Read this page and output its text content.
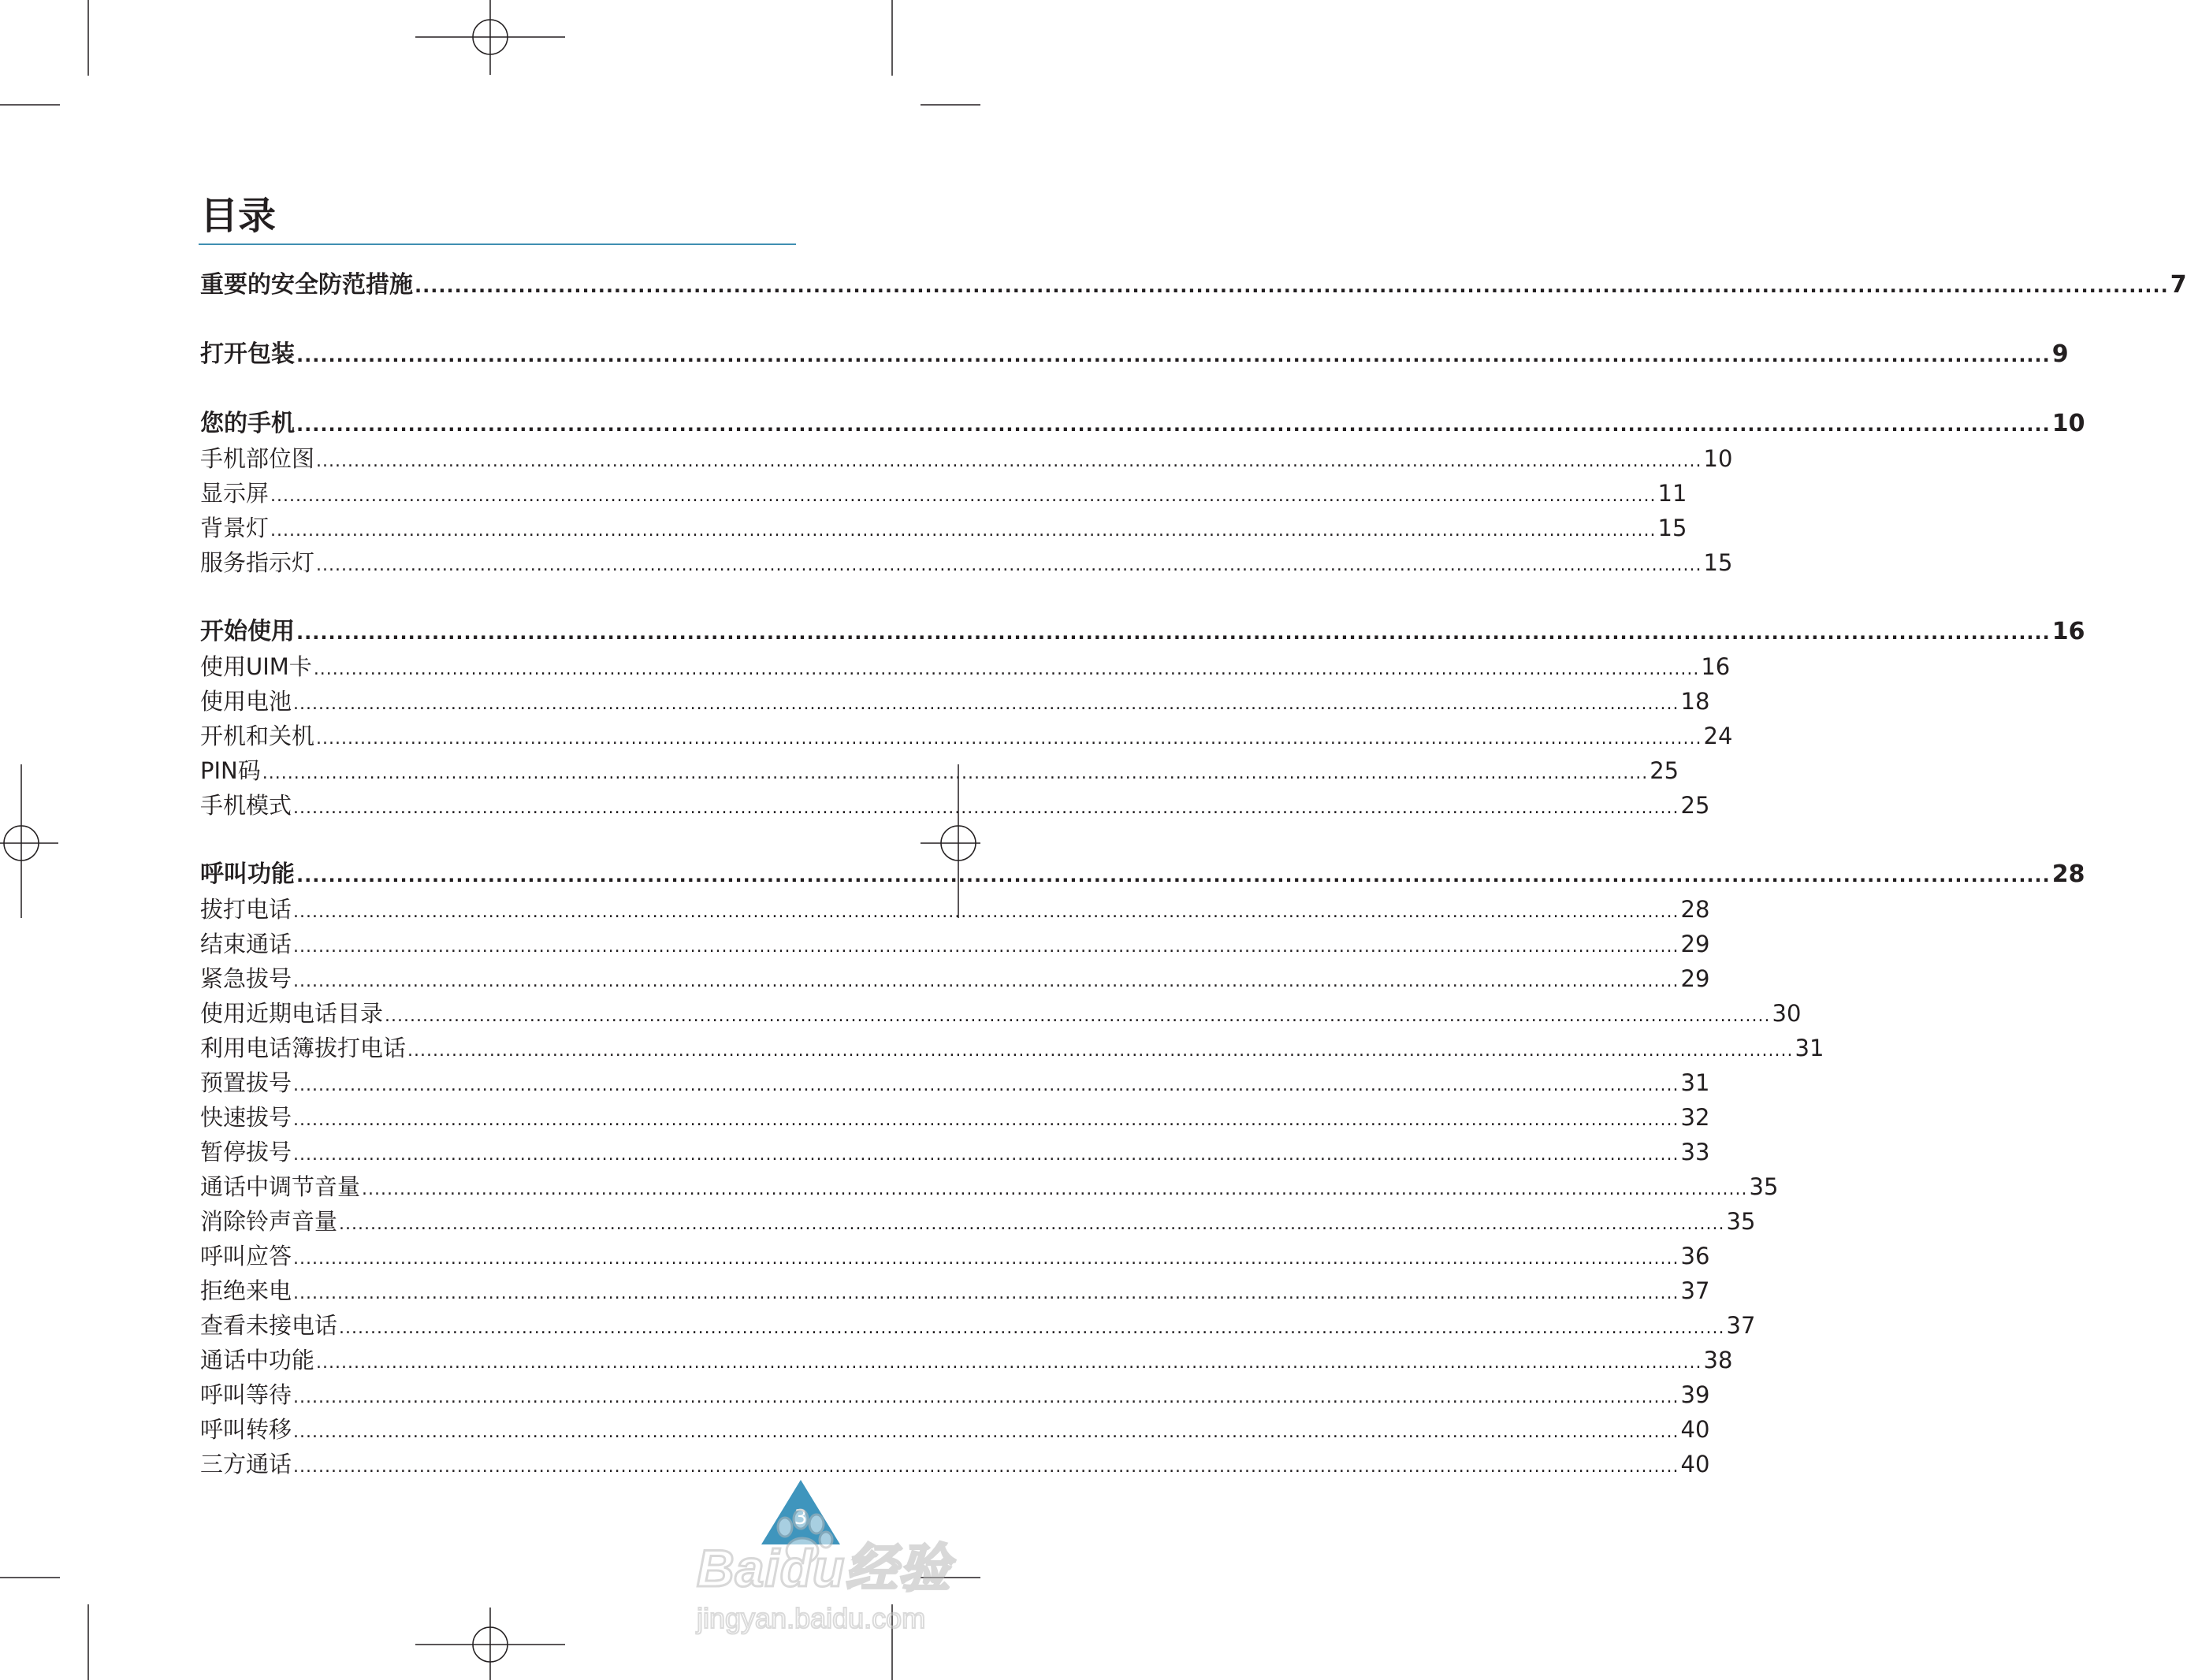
目录
重要的安全防范措施 ............................................................................................................................................................................................................................ 7
打开包装 ............................................................................................................................................................................................................................ 9
您的手机 ............................................................................................................................................................................................................................ 10
手机部位图 ............................................................................................................................................................................................................................ 10
显示屏 ............................................................................................................................................................................................................................ 11
背景灯 ............................................................................................................................................................................................................................ 15
服务指示灯 ............................................................................................................................................................................................................................ 15
开始使用 ............................................................................................................................................................................................................................ 16
使用UIM卡 ............................................................................................................................................................................................................................ 16
使用电池 ............................................................................................................................................................................................................................ 18
开机和关机 ............................................................................................................................................................................................................................ 24
PIN码 ............................................................................................................................................................................................................................ 25
手机模式 ............................................................................................................................................................................................................................ 25
呼叫功能 ............................................................................................................................................................................................................................ 28
拔打电话 ............................................................................................................................................................................................................................ 28
结束通话 ............................................................................................................................................................................................................................ 29
紧急拔号 ............................................................................................................................................................................................................................ 29
使用近期电话目录 ............................................................................................................................................................................................................................ 30
利用电话簿拔打电话 ............................................................................................................................................................................................................................ 31
预置拔号 ............................................................................................................................................................................................................................ 31
快速拔号 ............................................................................................................................................................................................................................ 32
暂停拔号 ............................................................................................................................................................................................................................ 33
通话中调节音量 ............................................................................................................................................................................................................................ 35
消除铃声音量 ............................................................................................................................................................................................................................ 35
呼叫应答 ............................................................................................................................................................................................................................ 36
拒绝来电 ............................................................................................................................................................................................................................ 37
查看未接电话 ............................................................................................................................................................................................................................ 37
通话中功能 ............................................................................................................................................................................................................................ 38
呼叫等待 ............................................................................................................................................................................................................................ 39
呼叫转移 ............................................................................................................................................................................................................................ 40
三方通话 ............................................................................................................................................................................................................................ 40
Baidu经验
jingyan.baidu.com
